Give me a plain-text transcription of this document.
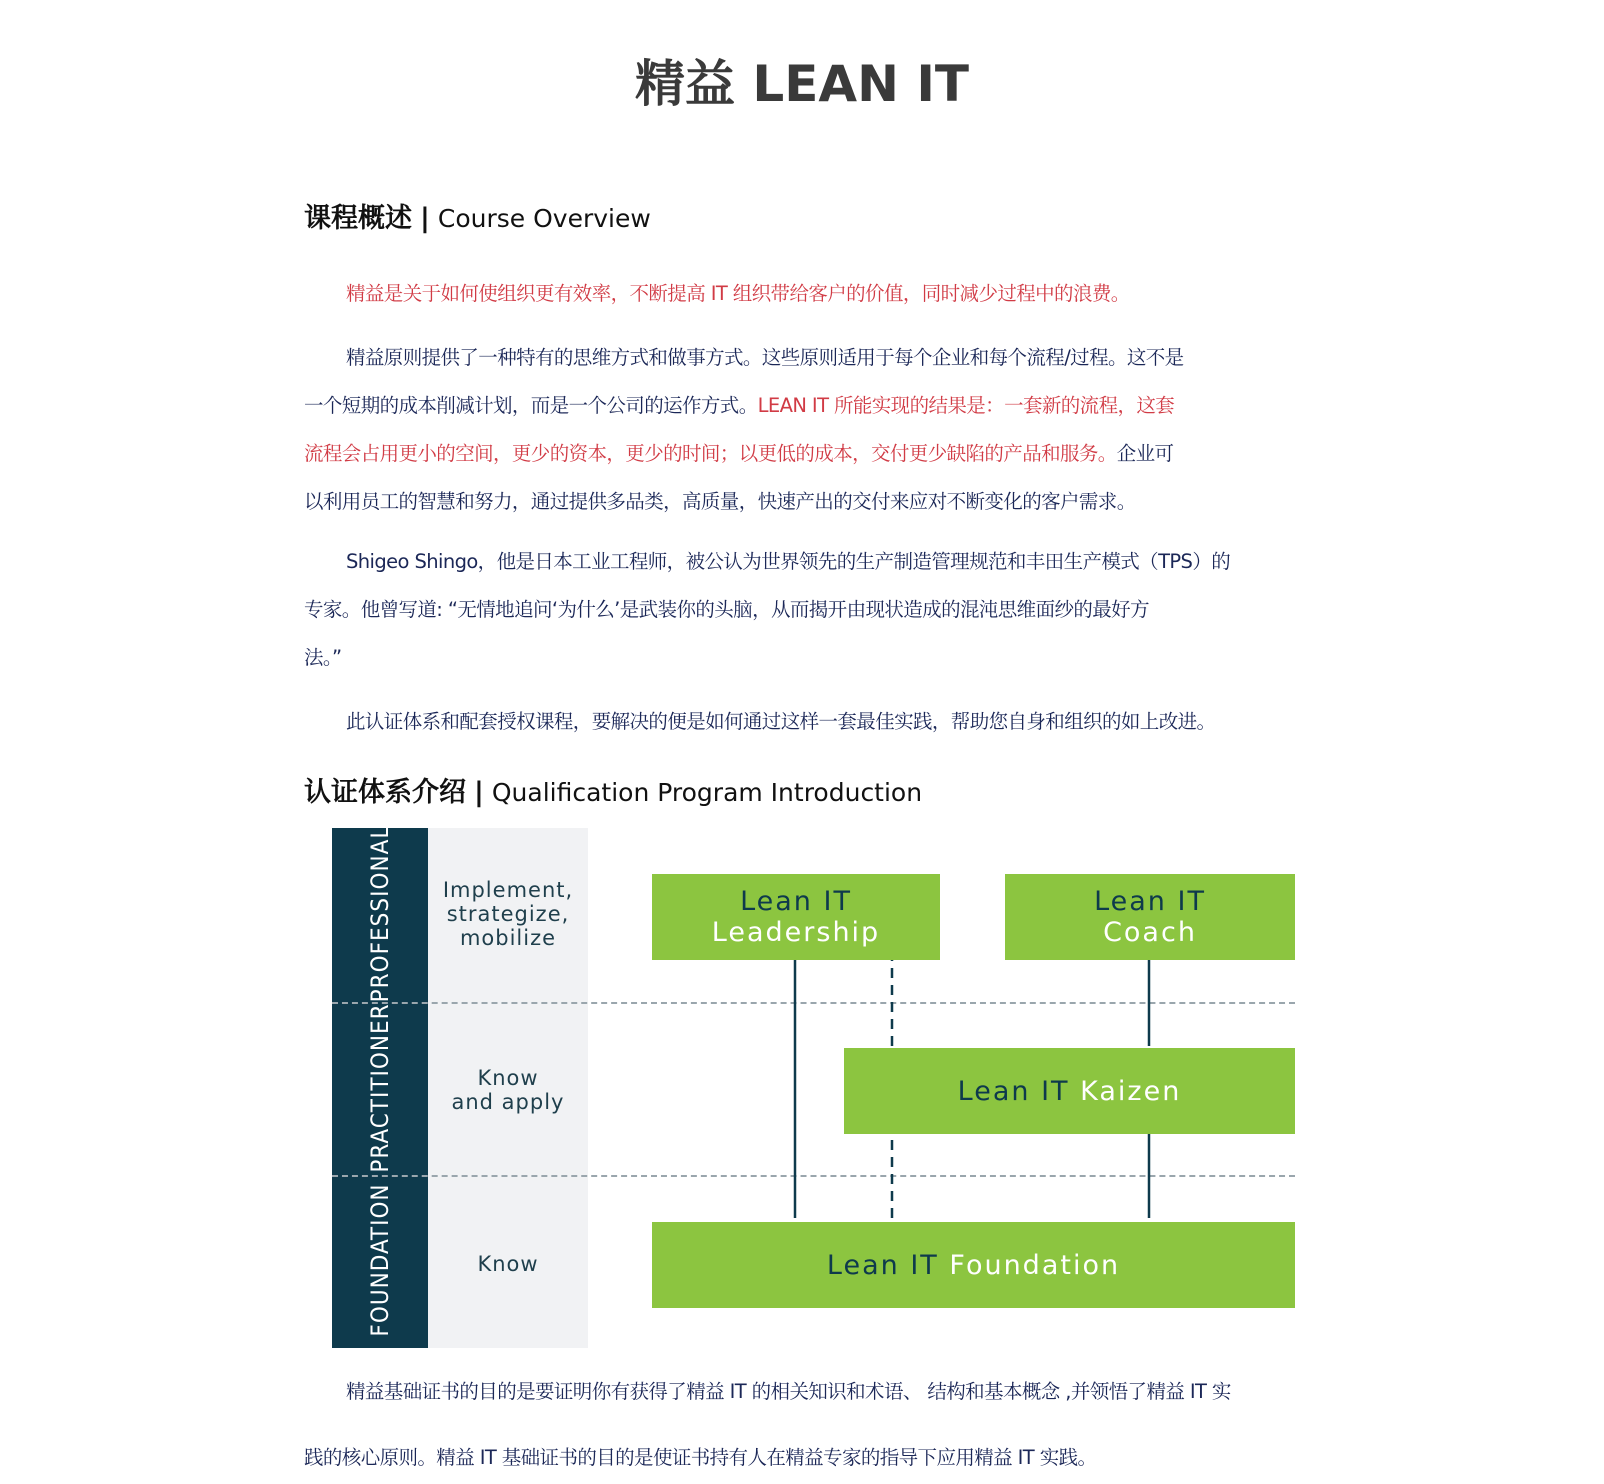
精益 LEAN IT
课程概述 | Course Overview
精益是关于如何使组织更有效率，不断提高 IT 组织带给客户的价值，同时减少过程中的浪费。
精益原则提供了一种特有的思维方式和做事方式。这些原则适用于每个企业和每个流程/过程。这不是
一个短期的成本削减计划，而是一个公司的运作方式。LEAN IT 所能实现的结果是：一套新的流程，这套
流程会占用更小的空间，更少的资本，更少的时间；以更低的成本，交付更少缺陷的产品和服务。企业可
以利用员工的智慧和努力，通过提供多品类，高质量，快速产出的交付来应对不断变化的客户需求。
Shigeo Shingo，他是日本工业工程师，被公认为世界领先的生产制造管理规范和丰田生产模式（TPS）的
专家。他曾写道: “无情地追问‘为什么’是武装你的头脑，从而揭开由现状造成的混沌思维面纱的最好方
法。”
此认证体系和配套授权课程，要解决的便是如何通过这样一套最佳实践，帮助您自身和组织的如上改进。
认证体系介绍 | Qualification Program Introduction
PROFESSIONAL
PRACTITIONER
FOUNDATION
Implement,
strategize,
mobilize
Know
and apply
Know
Lean IT
Leadership
Lean IT
Coach
Lean IT Kaizen
Lean IT Foundation
精益基础证书的目的是要证明你有获得了精益 IT 的相关知识和术语、 结构和基本概念 ,并领悟了精益 IT 实
践的核心原则。精益 IT 基础证书的目的是使证书持有人在精益专家的指导下应用精益 IT 实践。
